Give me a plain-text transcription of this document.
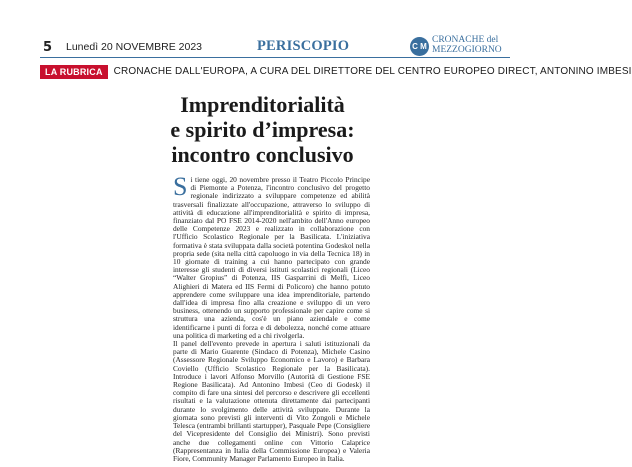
5 Lunedì 20 NOVEMBRE 2023	PERISCOPIO	C M
CRONACHE del
MEZZOGIORNO
LA RUBRICA	CRONACHE DALL'EUROPA, A CURA DEL DIRETTORE DEL CENTRO EUROPEO DIRECT, ANTONINO IMBESI
Imprenditorialità
e spirito d’impresa:
incontro conclusivo

Si tiene oggi, 20 novembre presso il Teatro Piccolo Principe di Piemonte a Potenza, l'incontro conclusivo del progetto regionale indirizzato a sviluppare competenze ed abilità trasversali finalizzate all'occupazione, attraverso lo sviluppo di attività di educazione all'imprenditorialità e spirito di impresa, finanziato dal PO FSE 2014-2020 nell'ambito dell'Anno europeo delle Competenze 2023 e realizzato in collaborazione con l'Ufficio Scolastico Regionale per la Basilicata. L'iniziativa formativa è stata sviluppata dalla società potentina Godeskol nella propria sede (sita nella città capoluogo in via della Tecnica 18) in 10 giornate di training a cui hanno partecipato con grande interesse gli studenti di diversi istituti scolastici regionali (Liceo “Walter Gropius” di Potenza, IIS Gasparrini di Melfi, Liceo Alighieri di Matera ed IIS Fermi di Policoro) che hanno potuto apprendere come sviluppare una idea imprenditoriale, partendo dall'idea di impresa fino alla creazione e sviluppo di un vero business, ottenendo un supporto professionale per capire come si struttura una azienda, cos'è un piano aziendale e come identificarne i punti di forza e di debolezza, nonché come attuare una politica di marketing ed a chi rivolgerla.

Il panel dell'evento prevede in apertura i saluti istituzionali da parte di Mario Guarente (Sindaco di Potenza), Michele Casino (Assessore Regionale Sviluppo Economico e Lavoro) e Barbara Coviello (Ufficio Scolastico Regionale per la Basilicata). Introduce i lavori Alfonso Morvillo (Autorità di Gestione FSE Regione Basilicata). Ad Antonino Imbesi (Ceo di Godesk) il compito di fare una sintesi del percorso e descrivere gli eccellenti risultati e la valutazione ottenuta direttamente dai partecipanti durante lo svolgimento delle attività sviluppate. Durante la giornata sono previsti gli interventi di Vito Zongoli e Michele Telesca (entrambi brillanti startupper), Pasquale Pepe (Consigliere del Vicepresidente del Consiglio dei Ministri). Sono previsti anche due collegamenti online con Vittorio Calaprice (Rappresentanza in Italia della Commissione Europea) e Valeria Fiore, Community Manager Parlamento Europeo in Italia.
